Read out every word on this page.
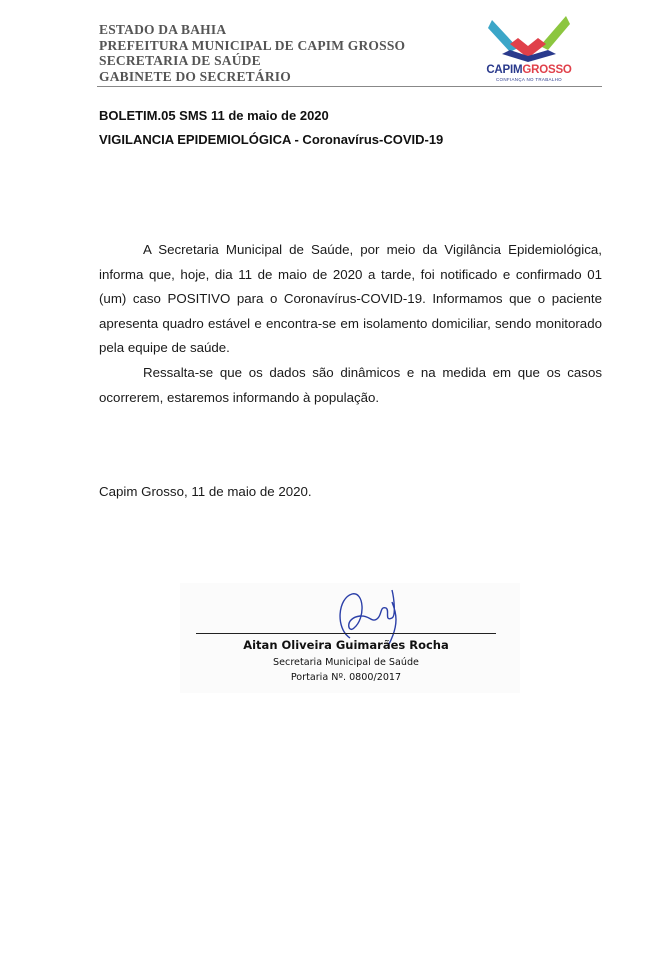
ESTADO DA BAHIA
PREFEITURA MUNICIPAL DE CAPIM GROSSO
SECRETARIA DE SAÚDE
GABINETE DO SECRETÁRIO	CAPIMGROSSO
CONFIANÇA NO TRABALHO
BOLETIM.05 SMS 11 de maio de 2020
VIGILANCIA EPIDEMIOLÓGICA - Coronavírus-COVID-19

A Secretaria Municipal de Saúde, por meio da Vigilância Epidemiológica, informa que, hoje, dia 11 de maio de 2020 a tarde, foi notificado e confirmado 01 (um) caso POSITIVO para o Coronavírus-COVID-19. Informamos que o paciente apresenta quadro estável e encontra-se em isolamento domiciliar, sendo monitorado pela equipe de saúde.

Ressalta-se que os dados são dinâmicos e na medida em que os casos ocorrerem, estaremos informando à população.

Capim Grosso, 11 de maio de 2020.
Aitan Oliveira Guimarães Rocha
Secretaria Municipal de Saúde
Portaria Nº. 0800/2017
